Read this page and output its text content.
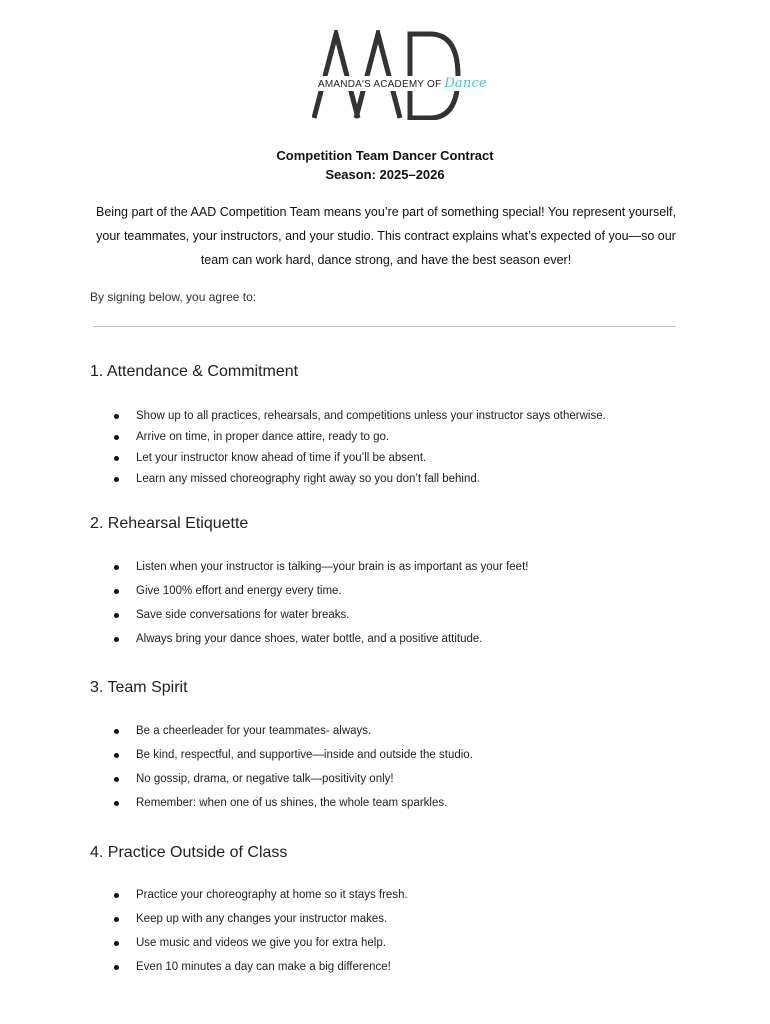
AMANDA'S ACADEMY OF Dance
Competition Team Dancer Contract
Season: 2025–2026
Being part of the AAD Competition Team means you’re part of something special! You represent yourself, your teammates, your instructors, and your studio. This contract explains what’s expected of you—so our team can work hard, dance strong, and have the best season ever!
By signing below, you agree to:
1. Attendance & Commitment
Show up to all practices, rehearsals, and competitions unless your instructor says otherwise.
Arrive on time, in proper dance attire, ready to go.
Let your instructor know ahead of time if you’ll be absent.
Learn any missed choreography right away so you don’t fall behind.
2. Rehearsal Etiquette
Listen when your instructor is talking—your brain is as important as your feet!
Give 100% effort and energy every time.
Save side conversations for water breaks.
Always bring your dance shoes, water bottle, and a positive attitude.
3. Team Spirit
Be a cheerleader for your teammates- always.
Be kind, respectful, and supportive—inside and outside the studio.
No gossip, drama, or negative talk—positivity only!
Remember: when one of us shines, the whole team sparkles.
4. Practice Outside of Class
Practice your choreography at home so it stays fresh.
Keep up with any changes your instructor makes.
Use music and videos we give you for extra help.
Even 10 minutes a day can make a big difference!
